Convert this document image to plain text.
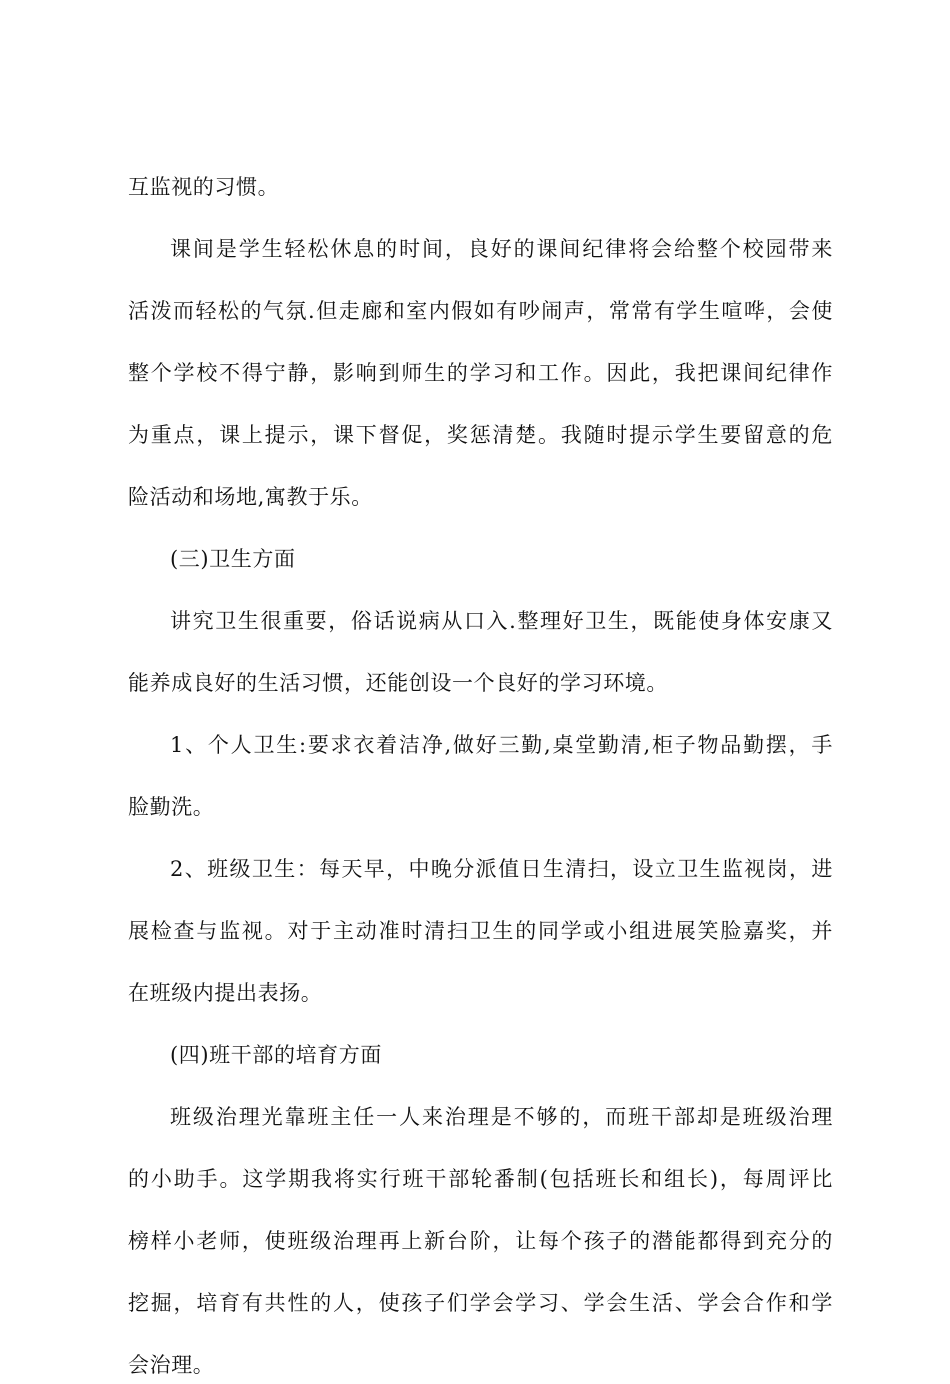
互监视的习惯。
课间是学生轻松休息的时间，良好的课间纪律将会给整个校园带来
活泼而轻松的气氛.但走廊和室内假如有吵闹声，常常有学生喧哗，会使
整个学校不得宁静，影响到师生的学习和工作。因此，我把课间纪律作
为重点，课上提示，课下督促，奖惩清楚。我随时提示学生要留意的危
险活动和场地,寓教于乐。
(三)卫生方面
讲究卫生很重要，俗话说病从口入.整理好卫生，既能使身体安康又
能养成良好的生活习惯，还能创设一个良好的学习环境。
1、个人卫生:要求衣着洁净,做好三勤,桌堂勤清,柜子物品勤摆，手
脸勤洗。
2、班级卫生：每天早，中晚分派值日生清扫，设立卫生监视岗，进
展检查与监视。对于主动准时清扫卫生的同学或小组进展笑脸嘉奖，并
在班级内提出表扬。
(四)班干部的培育方面
班级治理光靠班主任一人来治理是不够的，而班干部却是班级治理
的小助手。这学期我将实行班干部轮番制(包括班长和组长)，每周评比
榜样小老师，使班级治理再上新台阶，让每个孩子的潜能都得到充分的
挖掘，培育有共性的人，使孩子们学会学习、学会生活、学会合作和学
会治理。
